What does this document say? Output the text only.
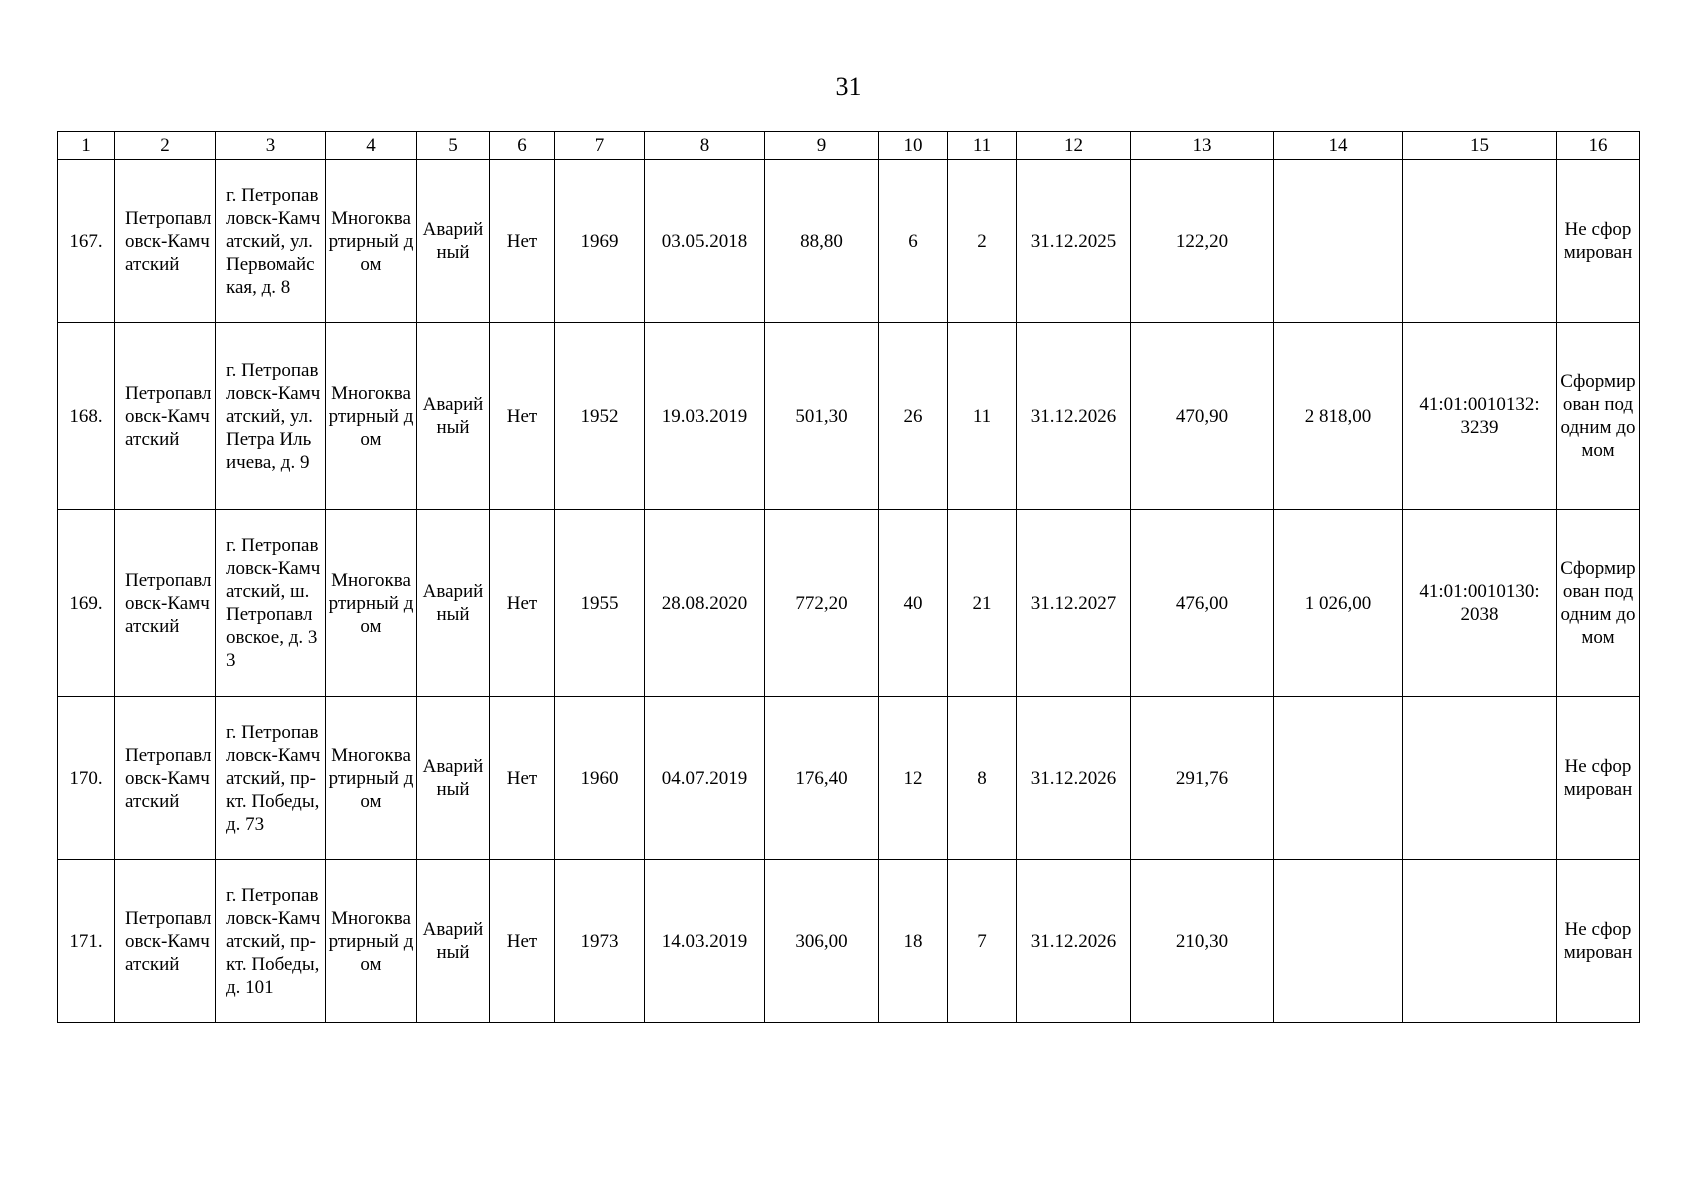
31
1	2	3	4	5	6	7	8	9	10	11	12	13	14	15	16
167.	Петропавловск-Камчатский	г. Петропавловск-Камчатский, ул. Первомайская, д. 8	Многоквартирный дом	Аварийный	Нет	1969	03.05.2018	88,80	6	2	31.12.2025	122,20			Не сформирован
168.	Петропавловск-Камчатский	г. Петропавловск-Камчатский, ул. Петра Ильичева, д. 9	Многоквартирный дом	Аварийный	Нет	1952	19.03.2019	501,30	26	11	31.12.2026	470,90	2 818,00	41:01:0010132: 3239	Сформирован под одним домом
169.	Петропавловск-Камчатский	г. Петропавловск-Камчатский, ш. Петропавловское, д. 33	Многоквартирный дом	Аварийный	Нет	1955	28.08.2020	772,20	40	21	31.12.2027	476,00	1 026,00	41:01:0010130: 2038	Сформирован под одним домом
170.	Петропавловск-Камчатский	г. Петропавловск-Камчатский, пр-кт. Победы, д. 73	Многоквартирный дом	Аварийный	Нет	1960	04.07.2019	176,40	12	8	31.12.2026	291,76			Не сформирован
171.	Петропавловск-Камчатский	г. Петропавловск-Камчатский, пр-кт. Победы, д. 101	Многоквартирный дом	Аварийный	Нет	1973	14.03.2019	306,00	18	7	31.12.2026	210,30			Не сформирован
